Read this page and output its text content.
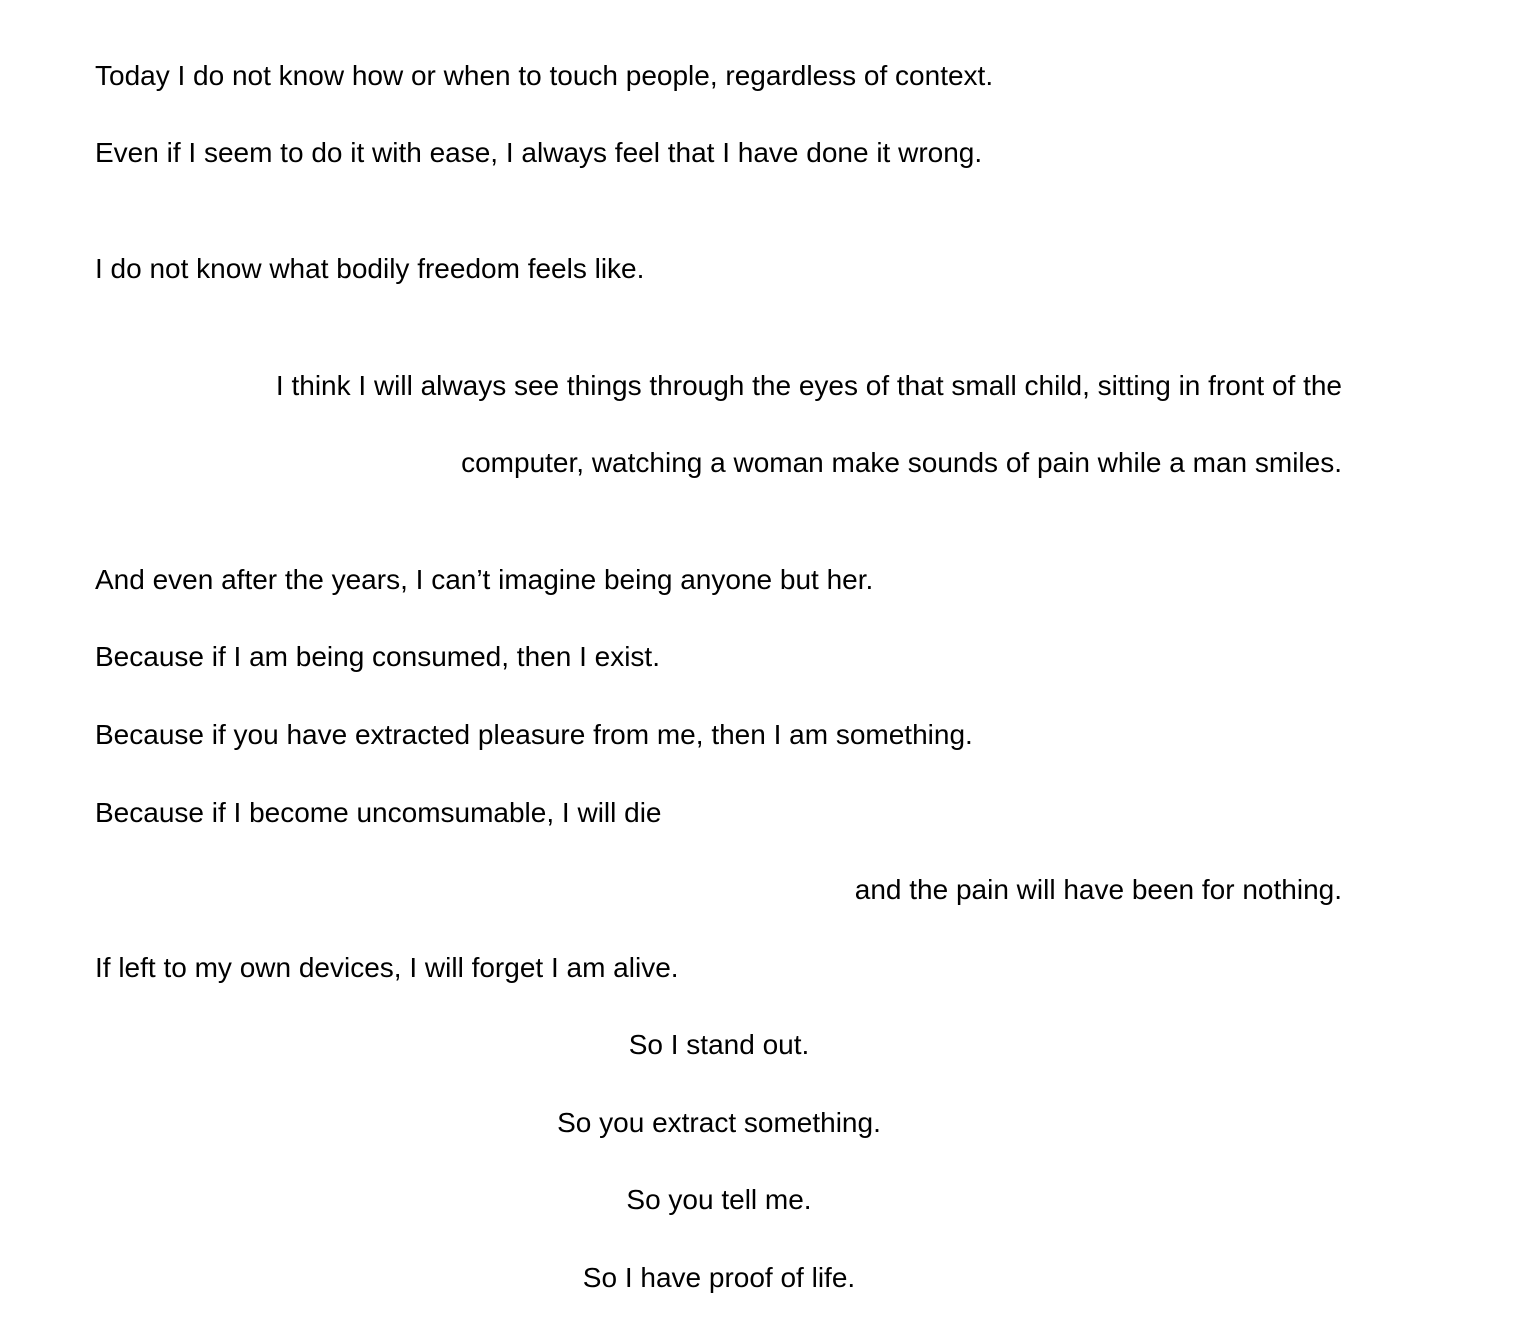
Today I do not know how or when to touch people, regardless of context.

Even if I seem to do it with ease, I always feel that I have done it wrong.

I do not know what bodily freedom feels like.

I think I will always see things through the eyes of that small child, sitting in front of the

computer, watching a woman make sounds of pain while a man smiles.

And even after the years, I can’t imagine being anyone but her.

Because if I am being consumed, then I exist.

Because if you have extracted pleasure from me, then I am something.

Because if I become uncomsumable, I will die

and the pain will have been for nothing.

If left to my own devices, I will forget I am alive.

So I stand out.

So you extract something.

So you tell me.

So I have proof of life.
